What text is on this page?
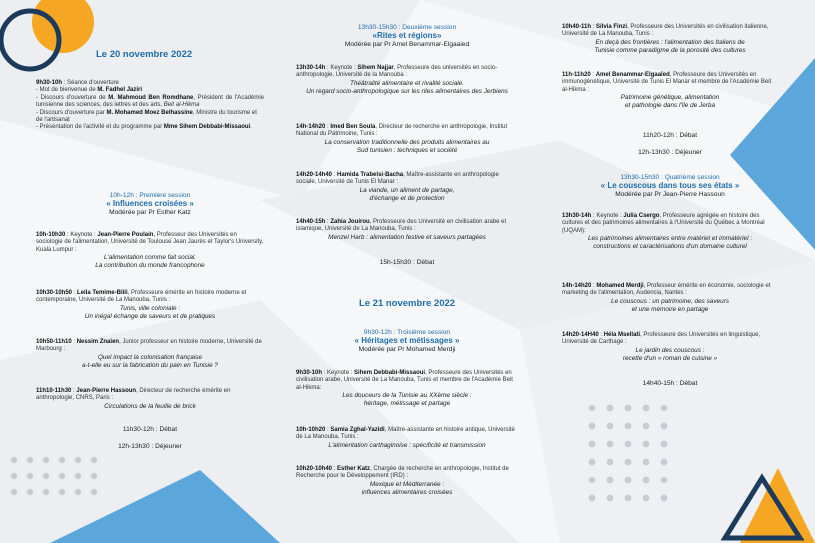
Le 20 novembre 2022
9h30-10h : Séance d'ouverture
- Mot de bienvenue de M. Fadhel Jaziri
- Discours d'ouverture de M. Mahmoud Ben Romdhane, Président de l'Académie tunisienne des sciences, des lettres et des arts, Beit al-Hikma
- Discours d'ouverture par M. Mohamed Moez Belhassine, Ministre du tourisme et de l'artisanat
- Présentation de l'activité et du programme par Mme Sihem Debbabi-Missaoui.
10h-12h : Première session
« Influences croisées »
Modérée par Pr Esther Katz
10h-10h30 : Keynote : Jean-Pierre Poulain, Professeur des Universités en sociologie de l'alimentation, Université de Toulouse Jean Jaurès et Taylor's University, Kuala Lumpur :
L'alimentation comme fait social.
La contribution du monde francophone
10h30-10h50 : Leila Temime-Blili, Professeure émérite en histoire moderne et contemporaine, Université de La Manouba, Tunis :
Tunis, ville coloniale :
Un inégal échange de saveurs et de pratiques
10h50-11h10 : Nessim Znaien, Junior professeur en histoire moderne, Université de Marbourg :
Quel impact la colonisation française
a-t-elle eu sur la fabrication du pain en Tunisie ?
11h10-11h30 : Jean-Pierre Hassoun, Directeur de recherche émérite en anthropologie, CNRS, Paris :
Circulations de la feuille de brick
11h30-12h : Débat
12h-13h30 : Déjeuner
13h30-15h30 : Deuxième session
«Rites et régions»
Modérée par Pr Amel Benammar-Elgaaied
13h30-14h : Keynote : Sihem Najjar, Professeure des universités en socio-anthropologie, Université de la Manouba :
Théâtralité alimentaire et rivalité sociale.
Un regard socio-anthropologique sur les rites alimentaires des Jerbiens
14h-14h20 : Imed Ben Soula, Directeur de recherche en anthropologie, Institut National du Patrimoine, Tunis :
La conservation traditionnelle des produits alimentaires au
Sud tunisien : techniques et société
14h20-14h40 : Hamida Trabelsi-Bacha, Maître-assistante en anthropologie sociale, Université de Tunis El Manar :
La viande, un aliment de partage,
d'échange et de protection
14h40-15h : Zahia Jouirou, Professeure des Université en civilisation arabe et islamique, Université de La Manouba, Tunis :
Menzel Harb : alimentation festive et saveurs partagées
15h-15h30 : Débat
Le 21 novembre 2022
9h30-12h : Troisième session
« Héritages et métissages »
Modérée par Pr Mohamed Merdji
9h30-10h : Keynote : Sihem Debbabi-Missaoui, Professeure des Universités en civilisation arabe, Université de La Manouba, Tunis et membre de l'Académie Beit al-Hikma:
Les douceurs de la Tunisie au XXème siècle :
héritage, métissage et partage
10h-10h20 : Samia Zghal-Yazidi, Maître-assistante en histoire antique, Université de La Manouba, Tunis :
L'alimentation carthaginoise : spécificité et transmission
10h20-10h40 : Esther Katz, Chargée de recherche en anthropologie, Institut de Recherche pour le Développement (IRD) :
Mexique et Méditerranée :
influences alimentaires croisées
10h40-11h : Silvia Finzi, Professeure des Universités en civilisation italienne, Université de La Manouba, Tunis :
En deçà des frontières : l'alimentation des Italiens de
Tunisie comme paradigme de la porosité des cultures
11h-11h20 : Amel Benammar-Elgaaïed, Professeure des Universités en immunogénétique, Université de Tunis El Manar et membre de l'Académie Beit al-Hikma :
Patrimoine génétique, alimentation
et pathologie dans l'île de Jerba
11h20-12h : Débat
12h-13h30 : Déjeuner
13h30-15h30 : Quatrième session
« Le couscous dans tous ses états »
Modérée par Pr Jean-Pierre Hassoun
13h30-14h : Keynote : Julia Csergo, Professeure agrégée en histoire des cultures et des patrimoines alimentaires à l'Université du Québec à Montréal (UQAM):
Les patrimoines alimentaires entre matériel et immatériel :
constructions et caractérisations d'un domaine culturel
14h-14h20 : Mohamed Merdji, Professeur émérite en économie, sociologie et marketing de l'alimentation, Audencia, Nantes :
Le couscous : un patrimoine, des saveurs
et une mémoire en partage
14h20-14H40 : Héla Msellati, Professeure des Universités en linguistique, Université de Carthage :
Le jardin des couscous :
recette d'un « roman de cuisine »
14h40-15h : Débat
